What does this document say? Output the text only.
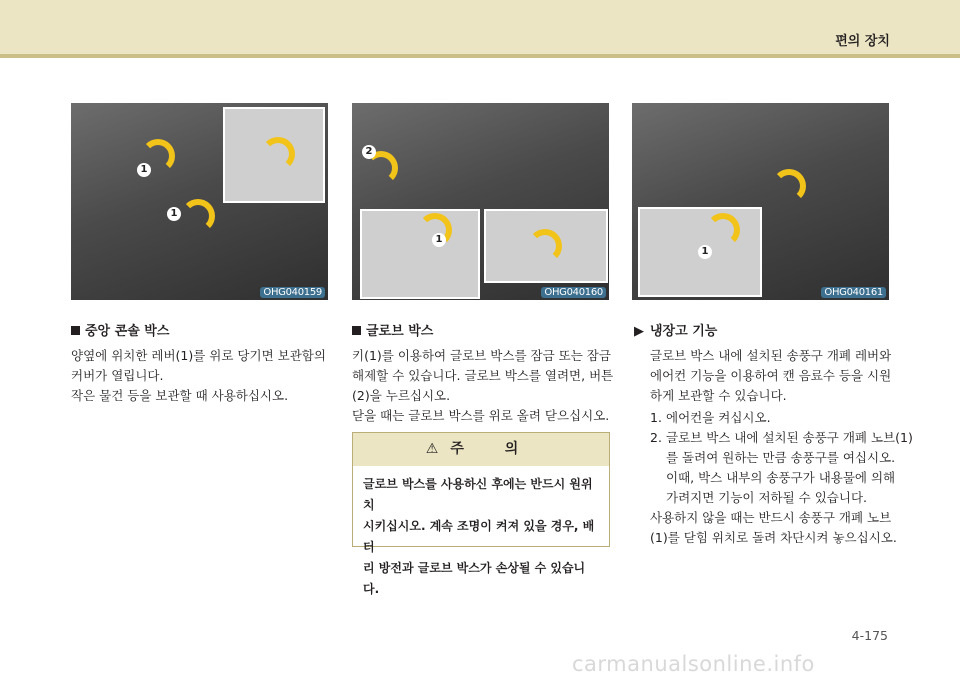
편의 장치
1
1
OHG040159
2
1
OHG040160
1
OHG040161
중앙 콘솔 박스

양옆에 위치한 레버(1)를 위로 당기면 보관함의
커버가 열립니다.
작은 물건 등을 보관할 때 사용하십시오.

글로브 박스

키(1)를 이용하여 글로브 박스를 잠금 또는 잠금
해제할 수 있습니다. 글로브 박스를 열려면, 버튼
(2)을 누르십시오.
닫을 때는 글로브 박스를 위로 올려 닫으십시오.

⚠ 주 의
글로브 박스를 사용하신 후에는 반드시 원위치
시키십시오. 계속 조명이 켜져 있을 경우, 배터
리 방전과 글로브 박스가 손상될 수 있습니다.
▶ 냉장고 기능

글로브 박스 내에 설치된 송풍구 개폐 레버와
에어컨 기능을 이용하여 캔 음료수 등을 시원
하게 보관할 수 있습니다.

1. 에어컨을 켜십시오.
2. 글로브 박스 내에 설치된 송풍구 개폐 노브(1)
를 돌려여 원하는 만큼 송풍구를 여십시오.
이때, 박스 내부의 송풍구가 내용물에 의해
가려지면 기능이 저하될 수 있습니다.

사용하지 않을 때는 반드시 송풍구 개폐 노브
(1)를 닫힘 위치로 돌려 차단시켜 놓으십시오.

4-175
carmanualsonline.info
